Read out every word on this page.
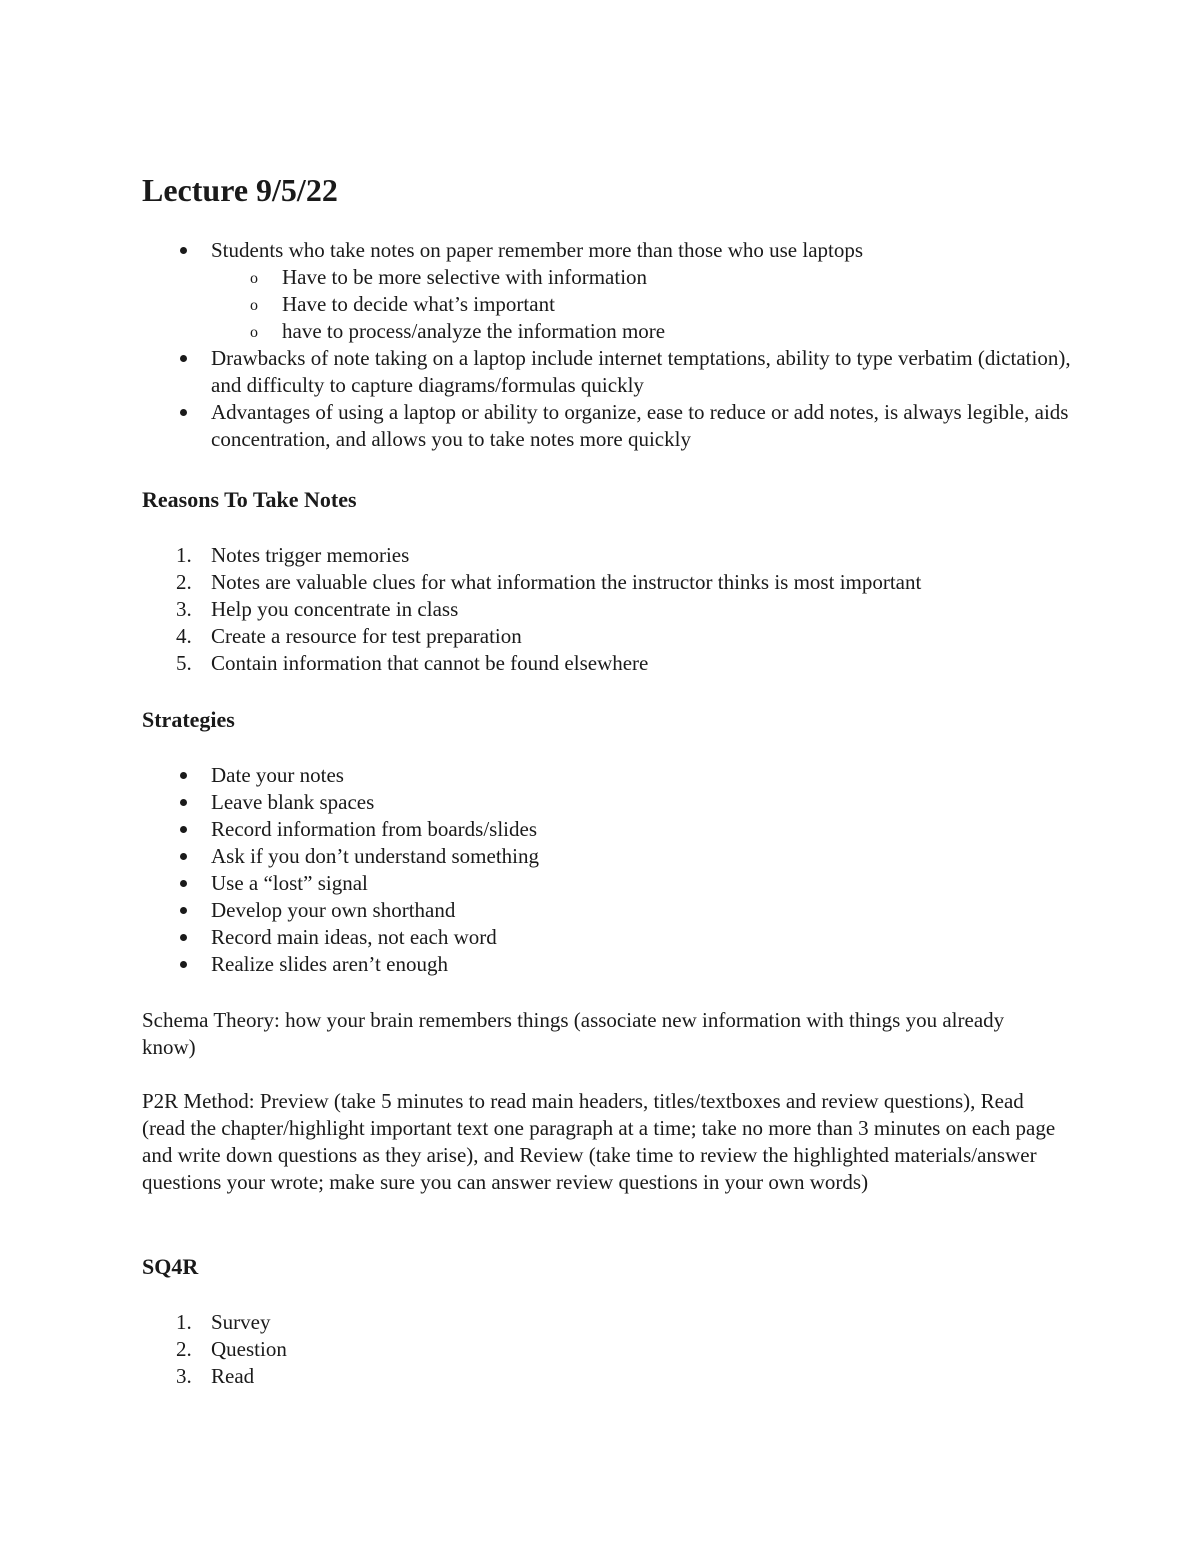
Lecture 9/5/22
Students who take notes on paper remember more than those who use laptops
o Have to be more selective with information
o Have to decide what’s important
o have to process/analyze the information more
Drawbacks of note taking on a laptop include internet temptations, ability to type verbatim (dictation), and difficulty to capture diagrams/formulas quickly
Advantages of using a laptop or ability to organize, ease to reduce or add notes, is always legible, aids concentration, and allows you to take notes more quickly
Reasons To Take Notes
1. Notes trigger memories
2. Notes are valuable clues for what information the instructor thinks is most important
3. Help you concentrate in class
4. Create a resource for test preparation
5. Contain information that cannot be found elsewhere
Strategies
Date your notes
Leave blank spaces
Record information from boards/slides
Ask if you don’t understand something
Use a “lost” signal
Develop your own shorthand
Record main ideas, not each word
Realize slides aren’t enough

Schema Theory: how your brain remembers things (associate new information with things you already know)

P2R Method: Preview (take 5 minutes to read main headers, titles/textboxes and review questions), Read (read the chapter/highlight important text one paragraph at a time; take no more than 3 minutes on each page and write down questions as they arise), and Review (take time to review the highlighted materials/answer questions your wrote; make sure you can answer review questions in your own words)

SQ4R
1. Survey
2. Question
3. Read
